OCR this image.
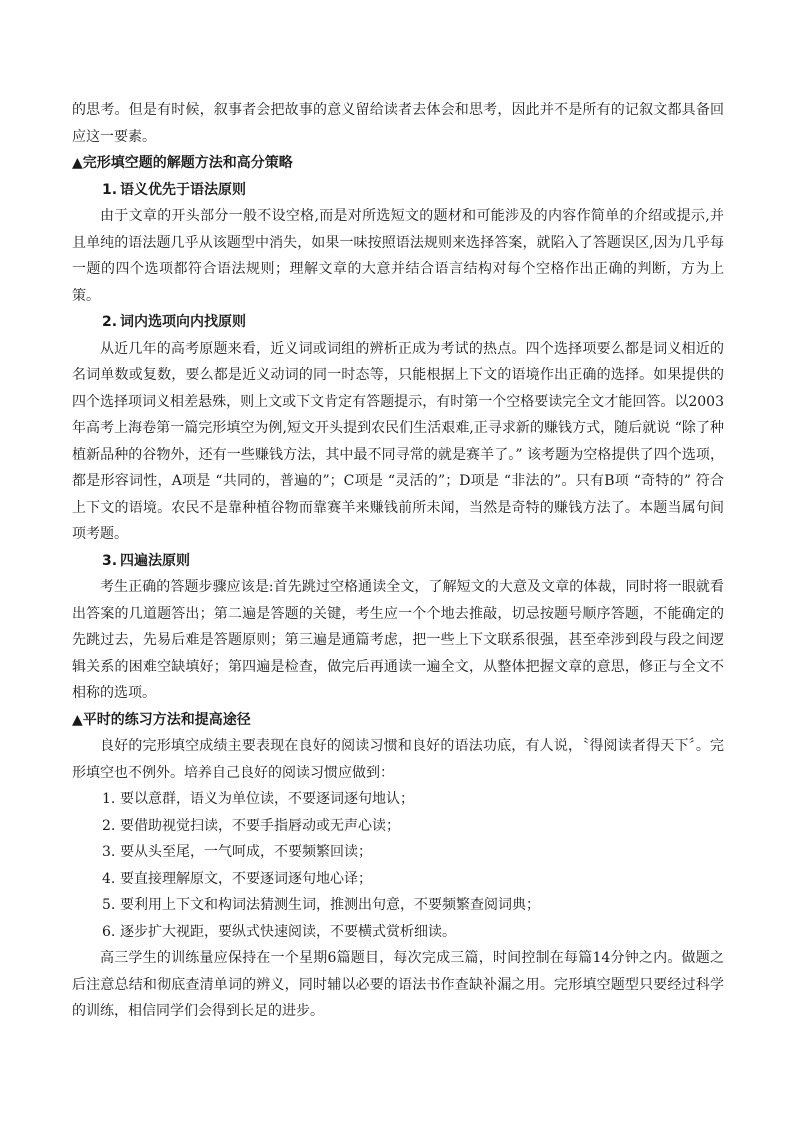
的思考。但是有时候，叙事者会把故事的意义留给读者去体会和思考，因此并不是所有的记叙文都具备回应这一要素。

▲完形填空题的解题方法和高分策略

1. 语义优先于语法原则

由于文章的开头部分一般不设空格,而是对所选短文的题材和可能涉及的内容作简单的介绍或提示,并且单纯的语法题几乎从该题型中消失，如果一味按照语法规则来选择答案，就陷入了答题误区,因为几乎每一题的四个选项都符合语法规则；理解文章的大意并结合语言结构对每个空格作出正确的判断，方为上策。

2. 词内选项向内找原则

从近几年的高考原题来看，近义词或词组的辨析正成为考试的热点。四个选择项要么都是词义相近的名词单数或复数，要么都是近义动词的同一时态等，只能根据上下文的语境作出正确的选择。如果提供的四个选择项词义相差悬殊，则上文或下文肯定有答题提示，有时第一个空格要读完全文才能回答。以2003年高考上海卷第一篇完形填空为例,短文开头提到农民们生活艰难,正寻求新的赚钱方式，随后就说 “除了种植新品种的谷物外，还有一些赚钱方法，其中最不同寻常的就是赛羊了。” 该考题为空格提供了四个选项，都是形容词性，A项是 “共同的，普遍的”；C项是 “灵活的”；D项是 “非法的”。只有B项 “奇特的” 符合上下文的语境。农民不是靠种植谷物而靠赛羊来赚钱前所未闻，当然是奇特的赚钱方法了。本题当属句间项考题。

3. 四遍法原则

考生正确的答题步骤应该是:首先跳过空格通读全文，了解短文的大意及文章的体裁，同时将一眼就看出答案的几道题答出；第二遍是答题的关键，考生应一个个地去推敲，切忌按题号顺序答题，不能确定的先跳过去，先易后难是答题原则；第三遍是通篇考虑，把一些上下文联系很强，甚至牵涉到段与段之间逻辑关系的困难空缺填好；第四遍是检查，做完后再通读一遍全文，从整体把握文章的意思，修正与全文不相称的选项。

▲平时的练习方法和提高途径

良好的完形填空成绩主要表现在良好的阅读习惯和良好的语法功底，有人说，〝得阅读者得天下〞。完形填空也不例外。培养自己良好的阅读习惯应做到：

1. 要以意群，语义为单位读，不要逐词逐句地认；

2. 要借助视觉扫读，不要手指唇动或无声心读；

3. 要从头至尾，一气呵成，不要频繁回读；

4. 要直接理解原文，不要逐词逐句地心译；

5. 要利用上下文和构词法猜测生词，推测出句意，不要频繁查阅词典；

6. 逐步扩大视距，要纵式快速阅读，不要横式赏析细读。

高三学生的训练量应保持在一个星期6篇题目，每次完成三篇，时间控制在每篇14分钟之内。做题之后注意总结和彻底查清单词的辨义，同时辅以必要的语法书作查缺补漏之用。完形填空题型只要经过科学的训练，相信同学们会得到长足的进步。
